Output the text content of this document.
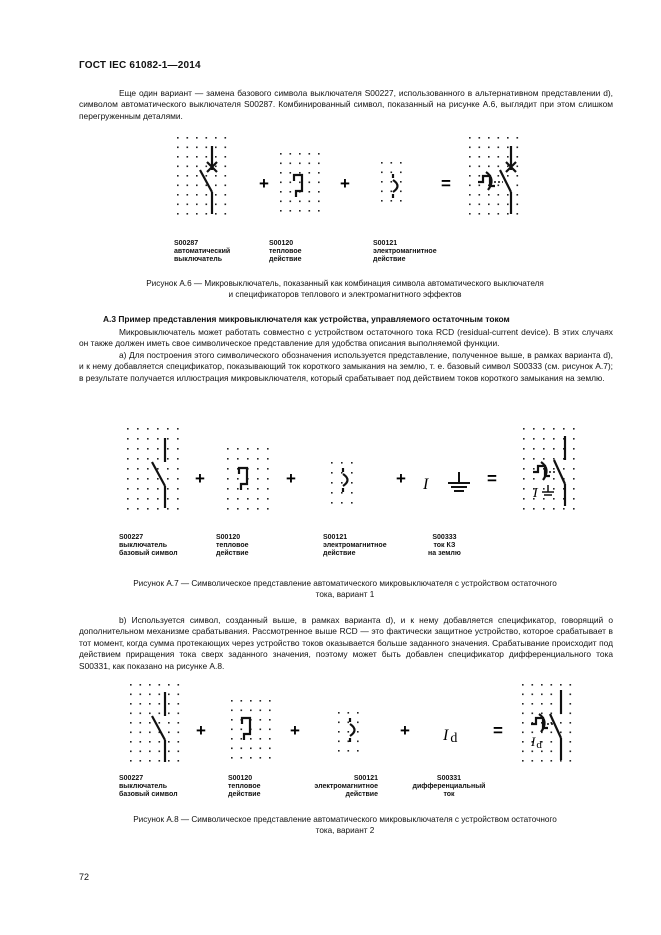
ГОСТ IEC 61082-1—2014

Еще один вариант — замена базового символа выключателя S00227, использованного в альтернативном представлении d), символом автоматического выключателя S00287. Комбинированный символ, показанный на рисунке А.6, выглядит при этом слишком перегруженным деталями.

+	+	=
S00287
автоматический
выключатель
S00120
тепловое
действие
S00121
электромагнитное
действие
Рисунок А.6 — Микровыключатель, показанный как комбинация символа автоматического выключателя
и спецификаторов теплового и электромагнитного эффектов
А.3 Пример представления микровыключателя как устройства, управляемого остаточным током

Микровыключатель может работать совместно с устройством остаточного тока RCD (residual-current device). В этих случаях он также должен иметь свое символическое представление для удобства описания выполняемой функции.

а) Для построения этого символического обозначения используется представление, полученное выше, в рамках варианта d), и к нему добавляется спецификатор, показывающий ток короткого замыкания на землю, т. е. базовый символ S00333 (см. рисунок А.7); в результате получается иллюстрация микровыключателя, который срабатывает под действием токов короткого замыкания на землю.

+	+	+ I	=
I
S00227
выключатель
базовый символ
S00120
тепловое
действие
S00121
электромагнитное
действие
S00333
ток КЗ
на землю
Рисунок А.7 — Символическое представление автоматического микровыключателя с устройством остаточного
тока, вариант 1

b) Используется символ, созданный выше, в рамках варианта d), и к нему добавляется спецификатор, говорящий о дополнительном механизме срабатывания. Рассмотренное выше RCD — это фактически защитное устройство, которое срабатывает в тот момент, когда сумма протекающих через устройство токов оказывается больше заданного значения. Срабатывание происходит под действием приращения тока сверх заданного значения, поэтому может быть добавлен спецификатор дифференциального тока S00331, как показано на рисунке А.8.

+	+	+ I d =
Id
S00227
выключатель
базовый символ
S00120
тепловое
действие
S00121
электромагнитное
действие
S00331
дифференциальный
ток
Рисунок А.8 — Символическое представление автоматического микровыключателя с устройством остаточного
тока, вариант 2
72
